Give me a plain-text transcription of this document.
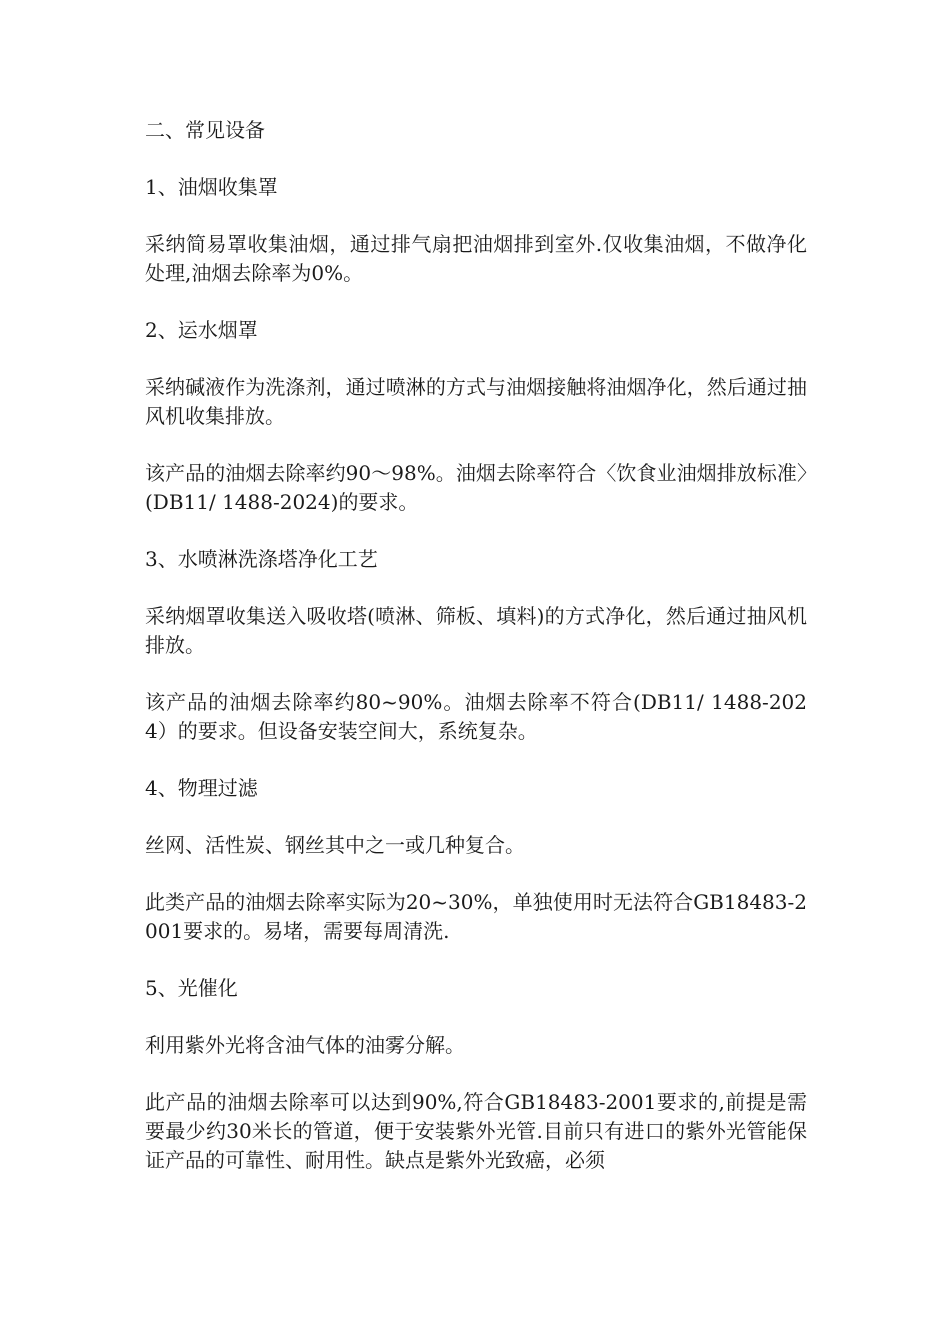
二、常见设备
1、油烟收集罩
采纳简易罩收集油烟，通过排气扇把油烟排到室外.仅收集油烟，不做净化处理,油烟去除率为0%。
2、运水烟罩
采纳碱液作为洗涤剂，通过喷淋的方式与油烟接触将油烟净化，然后通过抽风机收集排放。
该产品的油烟去除率约90～98%。油烟去除率符合〈饮食业油烟排放标准〉(DB11/ 1488-2024)的要求。
3、水喷淋洗涤塔净化工艺
采纳烟罩收集送入吸收塔(喷淋、筛板、填料)的方式净化，然后通过抽风机排放。
该产品的油烟去除率约80~90%。油烟去除率不符合(DB11/ 1488-2024）的要求。但设备安装空间大，系统复杂。
4、物理过滤
丝网、活性炭、钢丝其中之一或几种复合。
此类产品的油烟去除率实际为20~30%，单独使用时无法符合GB18483-2001要求的。易堵，需要每周清洗.
5、光催化
利用紫外光将含油气体的油雾分解。
此产品的油烟去除率可以达到90%,符合GB18483-2001要求的,前提是需要最少约30米长的管道，便于安装紫外光管.目前只有进口的紫外光管能保证产品的可靠性、耐用性。缺点是紫外光致癌，必须
